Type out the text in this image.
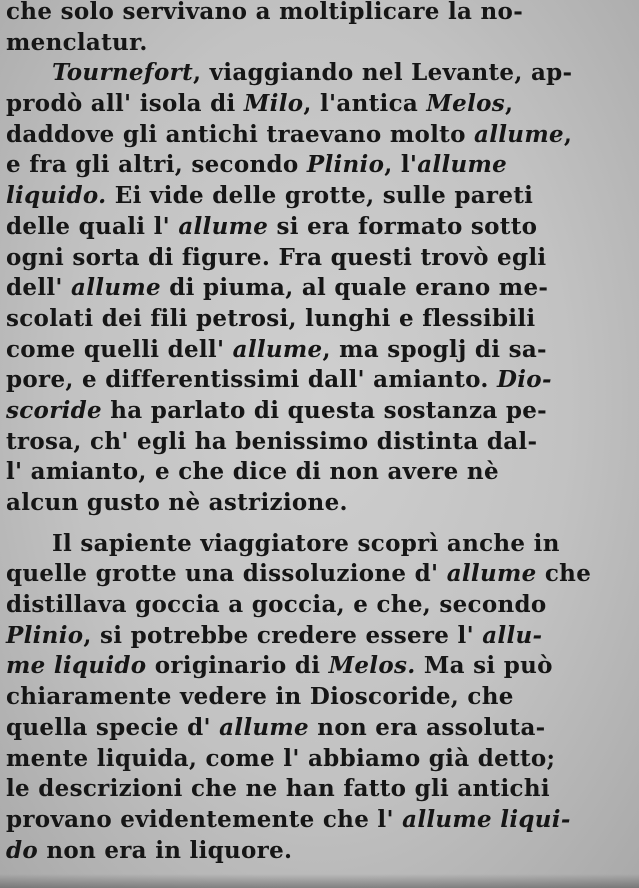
che solo servivano a moltiplicare la no-
menclatur.
Tournefort, viaggiando nel Levante, ap-
prodò all' isola di Milo, l'antica Melos,
daddove gli antichi traevano molto allume,
e fra gli altri, secondo Plinio, l'allume
liquido. Ei vide delle grotte, sulle pareti
delle quali l' allume si era formato sotto
ogni sorta di figure. Fra questi trovò egli
dell' allume di piuma, al quale erano me-
scolati dei fili petrosi, lunghi e flessibili
come quelli dell' allume, ma spoglj di sa-
pore, e differentissimi dall' amianto. Dio-
scoride ha parlato di questa sostanza pe-
trosa, ch' egli ha benissimo distinta dal-
l' amianto, e che dice di non avere nè
alcun gusto nè astrizione.
Il sapiente viaggiatore scoprì anche in
quelle grotte una dissoluzione d' allume che
distillava goccia a goccia, e che, secondo
Plinio, si potrebbe credere essere l' allu-
me liquido originario di Melos. Ma si può
chiaramente vedere in Dioscoride, che
quella specie d' allume non era assoluta-
mente liquida, come l' abbiamo già detto;
le descrizioni che ne han fatto gli antichi
provano evidentemente che l' allume liqui-
do non era in liquore.
